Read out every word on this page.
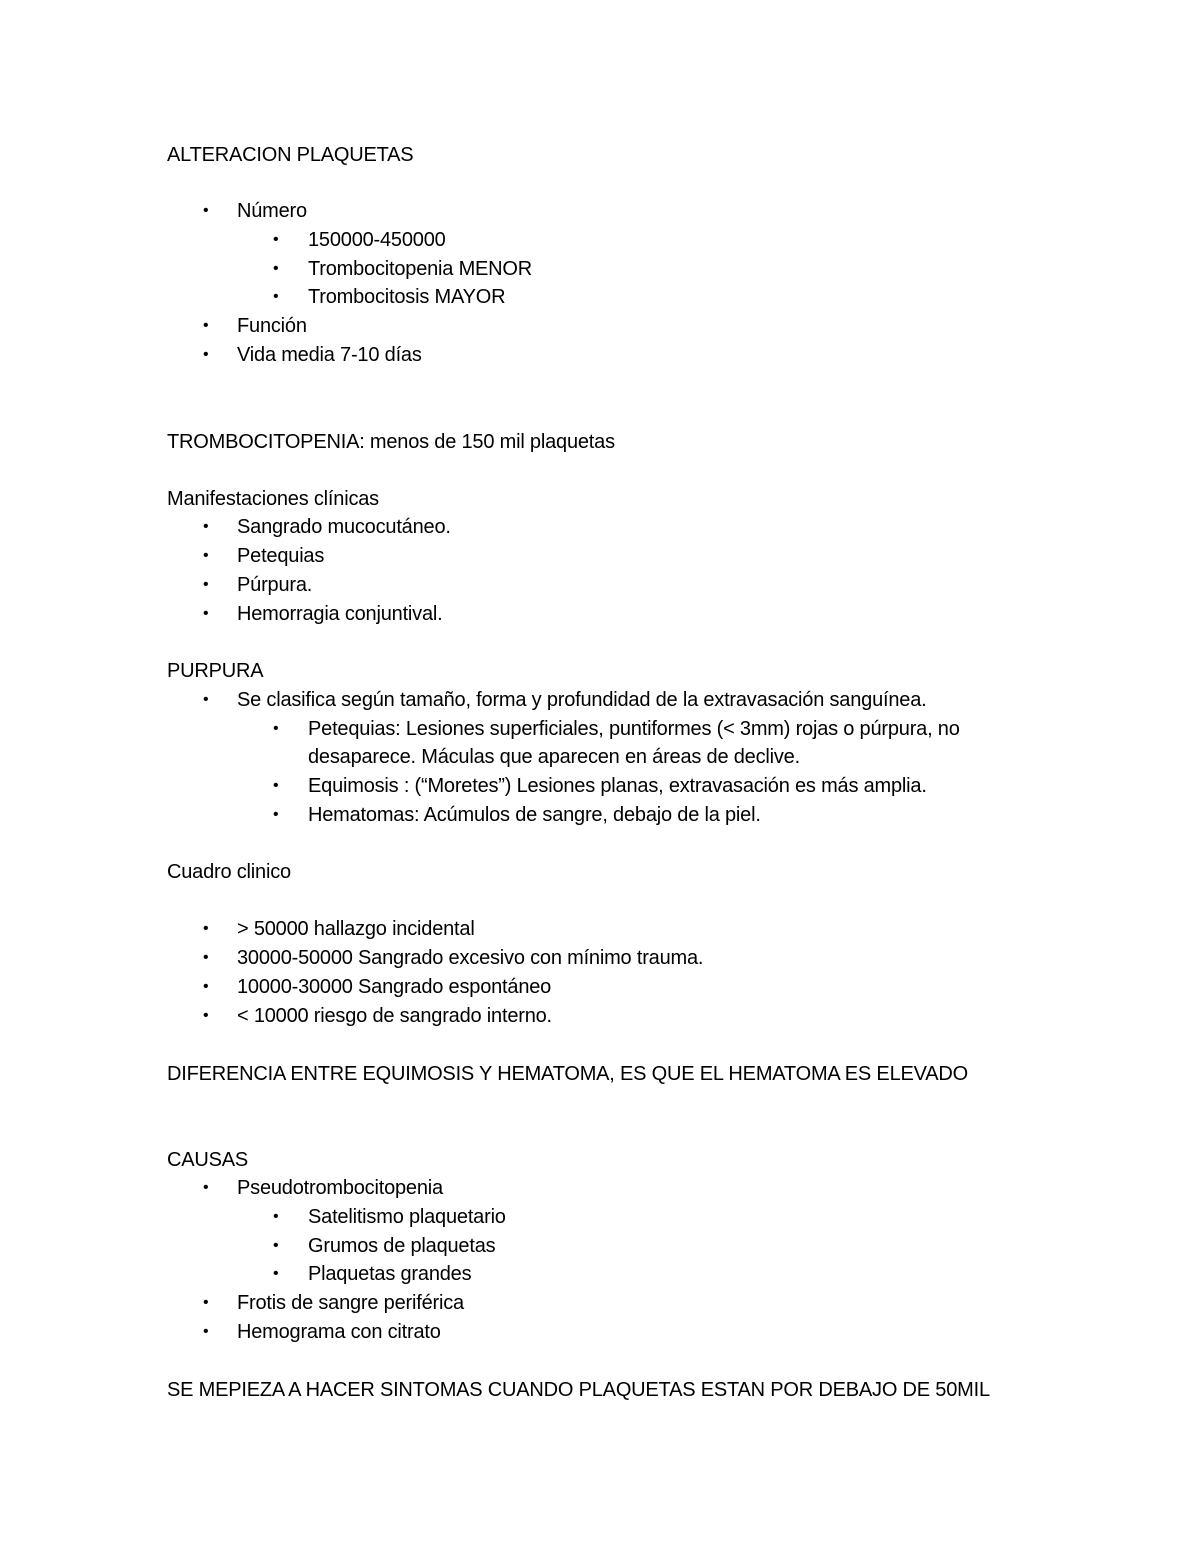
ALTERACION PLAQUETAS
• Número
• 150000-450000
• Trombocitopenia MENOR
• Trombocitosis MAYOR
• Función
• Vida media 7-10 días
TROMBOCITOPENIA: menos de 150 mil plaquetas
Manifestaciones clínicas
• Sangrado mucocutáneo.
• Petequias
• Púrpura.
• Hemorragia conjuntival.
PURPURA
• Se clasifica según tamaño, forma y profundidad de la extravasación sanguínea.
• Petequias: Lesiones superficiales, puntiformes (< 3mm) rojas o púrpura, no
desaparece. Máculas que aparecen en áreas de declive.
• Equimosis : (“Moretes”) Lesiones planas, extravasación es más amplia.
• Hematomas: Acúmulos de sangre, debajo de la piel.
Cuadro clinico
• > 50000 hallazgo incidental
• 30000-50000 Sangrado excesivo con mínimo trauma.
• 10000-30000 Sangrado espontáneo
• < 10000 riesgo de sangrado interno.
DIFERENCIA ENTRE EQUIMOSIS Y HEMATOMA, ES QUE EL HEMATOMA ES ELEVADO
CAUSAS
• Pseudotrombocitopenia
• Satelitismo plaquetario
• Grumos de plaquetas
• Plaquetas grandes
• Frotis de sangre periférica
• Hemograma con citrato
SE MEPIEZA A HACER SINTOMAS CUANDO PLAQUETAS ESTAN POR DEBAJO DE 50MIL
